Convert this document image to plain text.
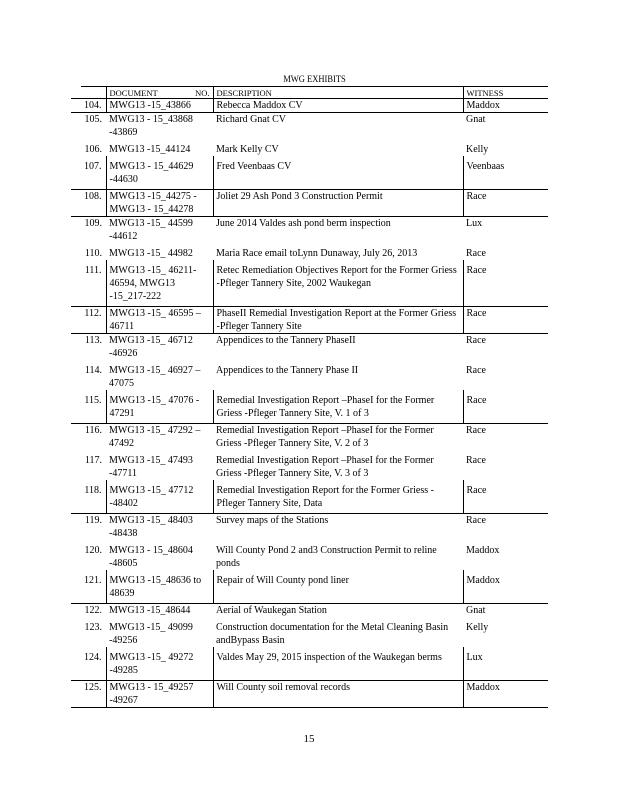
MWG EXHIBITS

	DOCUMENT NO.	DESCRIPTION	WITNESS
104.	MWG13 -15_43866	Rebecca Maddox CV	Maddox
105.	MWG13 - 15_43868 -43869	Richard Gnat CV	Gnat
106.	MWG13 -15_44124	Mark Kelly CV	Kelly
107.	MWG13 - 15_44629 -44630	Fred Veenbaas CV	Veenbaas
108.	MWG13 -15_44275 - MWG13 - 15_44278	Joliet 29 Ash Pond 3 Construction Permit	Race
109.	MWG13 -15_ 44599 -44612	June 2014 Valdes ash pond berm inspection	Lux
110.	MWG13 -15_ 44982	Maria Race email toLynn Dunaway, July 26, 2013	Race
111.	MWG13 -15_ 46211- 46594, MWG13 -15_217-222	Retec Remediation Objectives Report for the Former Griess -Pfleger Tannery Site, 2002 Waukegan	Race
112.	MWG13 -15_ 46595 – 46711	PhaseII Remedial Investigation Report at the Former Griess -Pfleger Tannery Site	Race
113.	MWG13 -15_ 46712 -46926	Appendices to the Tannery PhaseII	Race
114.	MWG13 -15_ 46927 – 47075	Appendices to the Tannery Phase II	Race
115.	MWG13 -15_ 47076 - 47291	Remedial Investigation Report –PhaseI for the Former Griess -Pfleger Tannery Site, V. 1 of 3	Race
116.	MWG13 -15_ 47292 – 47492	Remedial Investigation Report –PhaseI for the Former Griess -Pfleger Tannery Site, V. 2 of 3	Race
117.	MWG13 -15_ 47493 -47711	Remedial Investigation Report –PhaseI for the Former Griess -Pfleger Tannery Site, V. 3 of 3	Race
118.	MWG13 -15_ 47712 -48402	Remedial Investigation Report for the Former Griess -Pfleger Tannery Site, Data	Race
119.	MWG13 -15_ 48403 -48438	Survey maps of the Stations	Race
120.	MWG13 - 15_48604 -48605	Will County Pond 2 and3 Construction Permit to reline ponds	Maddox
121.	MWG13 -15_48636 to 48639	Repair of Will County pond liner	Maddox
122.	MWG13 -15_48644	Aerial of Waukegan Station	Gnat
123.	MWG13 -15_ 49099 -49256	Construction documentation for the Metal Cleaning Basin andBypass Basin	Kelly
124.	MWG13 -15_ 49272 -49285	Valdes May 29, 2015 inspection of the Waukegan berms	Lux
125.	MWG13 - 15_49257 -49267	Will County soil removal records	Maddox
15
